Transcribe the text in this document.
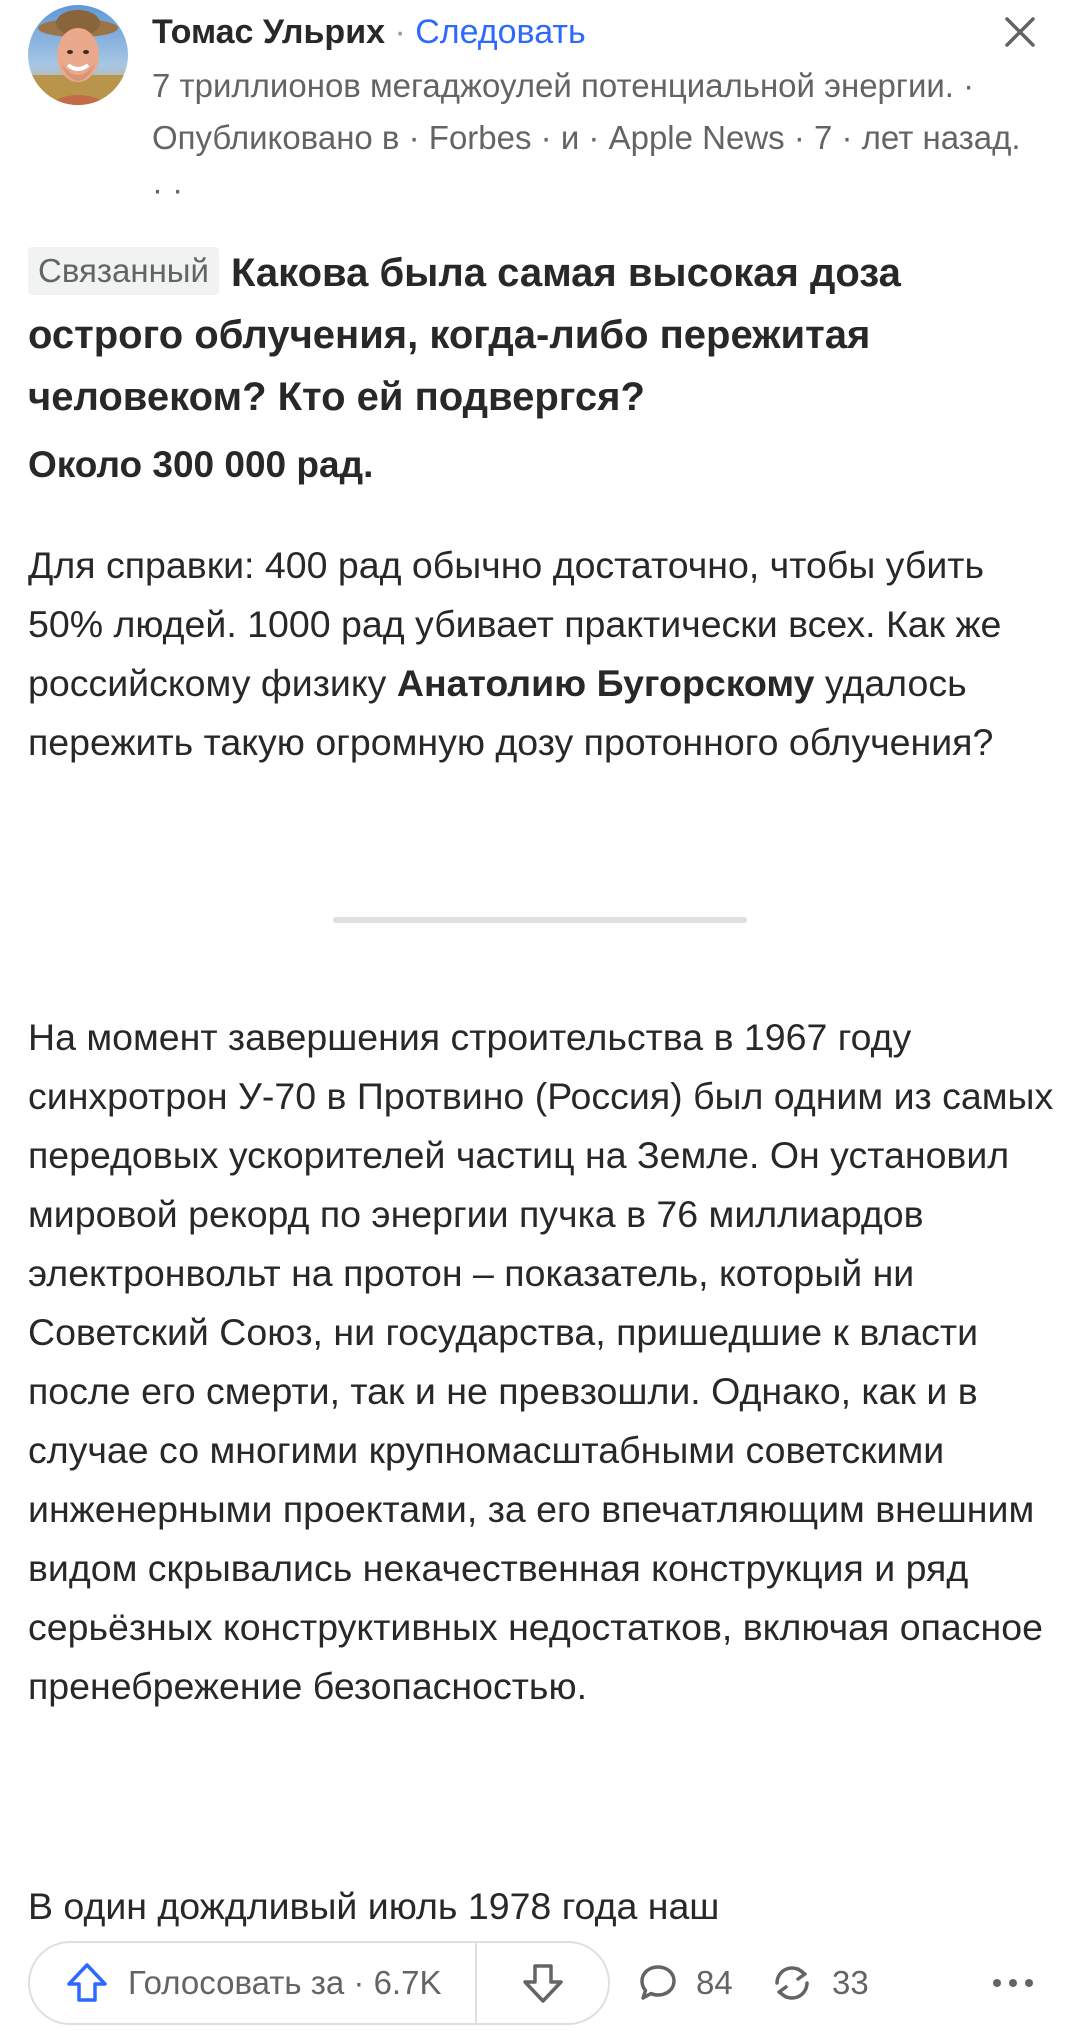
Томас Ульрих · Следовать
7 триллионов мегаджоулей потенциальной энергии. · Опубликовано в · Forbes · и · Apple News · 7 · лет назад. · ·
Связанный Какова была самая высокая доза острого облучения, когда-либо пережитая человеком? Кто ей подвергся?
Около 300 000 рад.
Для справки: 400 рад обычно достаточно, чтобы убить 50% людей. 1000 рад убивает практически всех. Как же российскому физику Анатолию Бугорскому удалось пережить такую огромную дозу протонного облучения?
На момент завершения строительства в 1967 году синхротрон У-70 в Протвино (Россия) был одним из самых передовых ускорителей частиц на Земле. Он установил мировой рекорд по энергии пучка в 76 миллиардов электронвольт на протон – показатель, который ни Советский Союз, ни государства, пришедшие к власти после его смерти, так и не превзошли. Однако, как и в случае со многими крупномасштабными советскими инженерными проектами, за его впечатляющим внешним видом скрывались некачественная конструкция и ряд серьёзных конструктивных недостатков, включая опасное пренебрежение безопасностью.
В один дождливый июль 1978 года наш
Голосовать за · 6.7K	84	33
